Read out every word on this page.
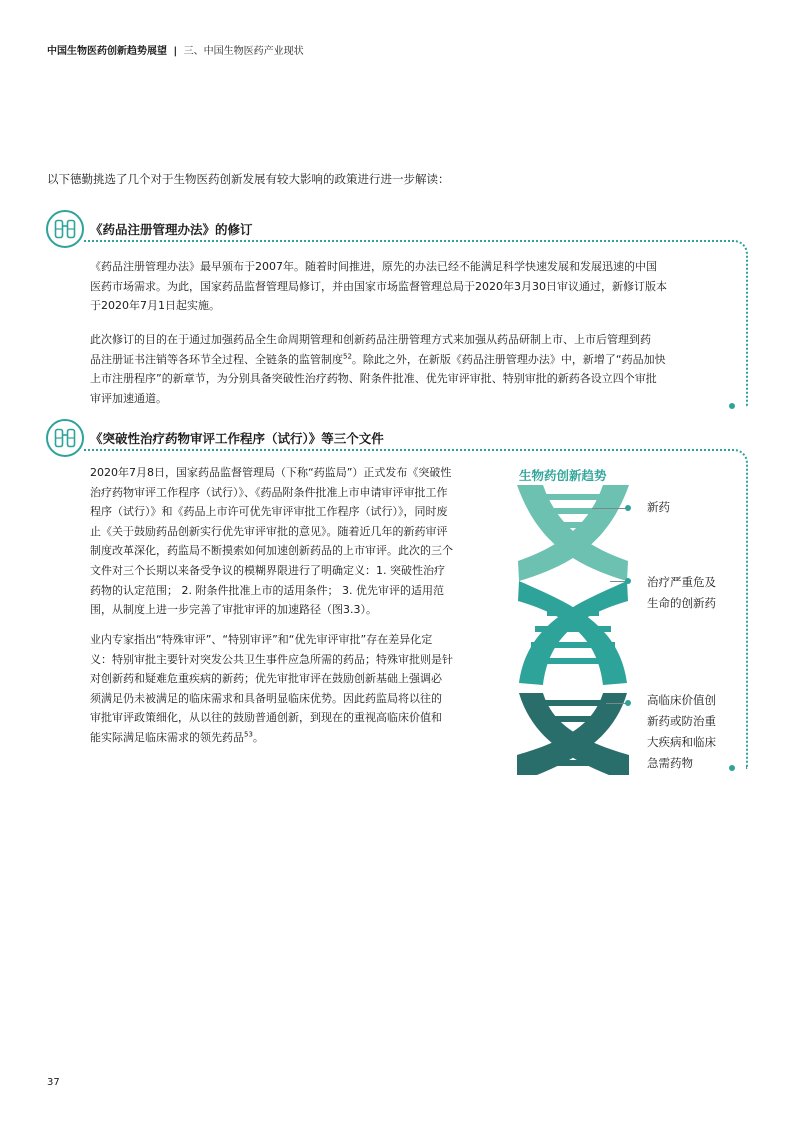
中国生物医药创新趋势展望 | 三、中国生物医药产业现状
以下德勤挑选了几个对于生物医药创新发展有较大影响的政策进行进一步解读：
《药品注册管理办法》的修订

《药品注册管理办法》最早颁布于2007年。随着时间推进，原先的办法已经不能满足科学快速发展和发展迅速的中国
医药市场需求。为此，国家药品监督管理局修订，并由国家市场监督管理总局于2020年3月30日审议通过，新修订版本
于2020年7月1日起实施。

此次修订的目的在于通过加强药品全生命周期管理和创新药品注册管理方式来加强从药品研制上市、上市后管理到药
品注册证书注销等各环节全过程、全链条的监管制度$^{52}$。除此之外，在新版《药品注册管理办法》中，新增了“药品加快
上市注册程序”的新章节，为分别具备突破性治疗药物、附条件批准、优先审评审批、特别审批的新药各设立四个审批
审评加速通道。

《突破性治疗药物审评工作程序（试行）》等三个文件

2020年7月8日，国家药品监督管理局（下称“药监局”）正式发布《突破性
治疗药物审评工作程序（试行）》、《药品附条件批准上市申请审评审批工作
程序（试行）》和《药品上市许可优先审评审批工作程序（试行）》，同时废
止《关于鼓励药品创新实行优先审评审批的意见》。随着近几年的新药审评
制度改革深化，药监局不断摸索如何加速创新药品的上市审评。此次的三个
文件对三个长期以来备受争议的模糊界限进行了明确定义：1. 突破性治疗
药物的认定范围； 2. 附条件批准上市的适用条件； 3. 优先审评的适用范
围，从制度上进一步完善了审批审评的加速路径（图3.3）。

业内专家指出“特殊审评”、“特别审评”和“优先审评审批”存在差异化定
义：特别审批主要针对突发公共卫生事件应急所需的药品；特殊审批则是针
对创新药和疑难危重疾病的新药；优先审批审评在鼓励创新基础上强调必
须满足仍未被满足的临床需求和具备明显临床优势。因此药监局将以往的
审批审评政策细化，从以往的鼓励普通创新，到现在的重视高临床价值和
能实际满足临床需求的领先药品$^{53}$。

生物药创新趋势
新药
治疗严重危及
生命的创新药
高临床价值创
新药或防治重
大疾病和临床
急需药物
37
